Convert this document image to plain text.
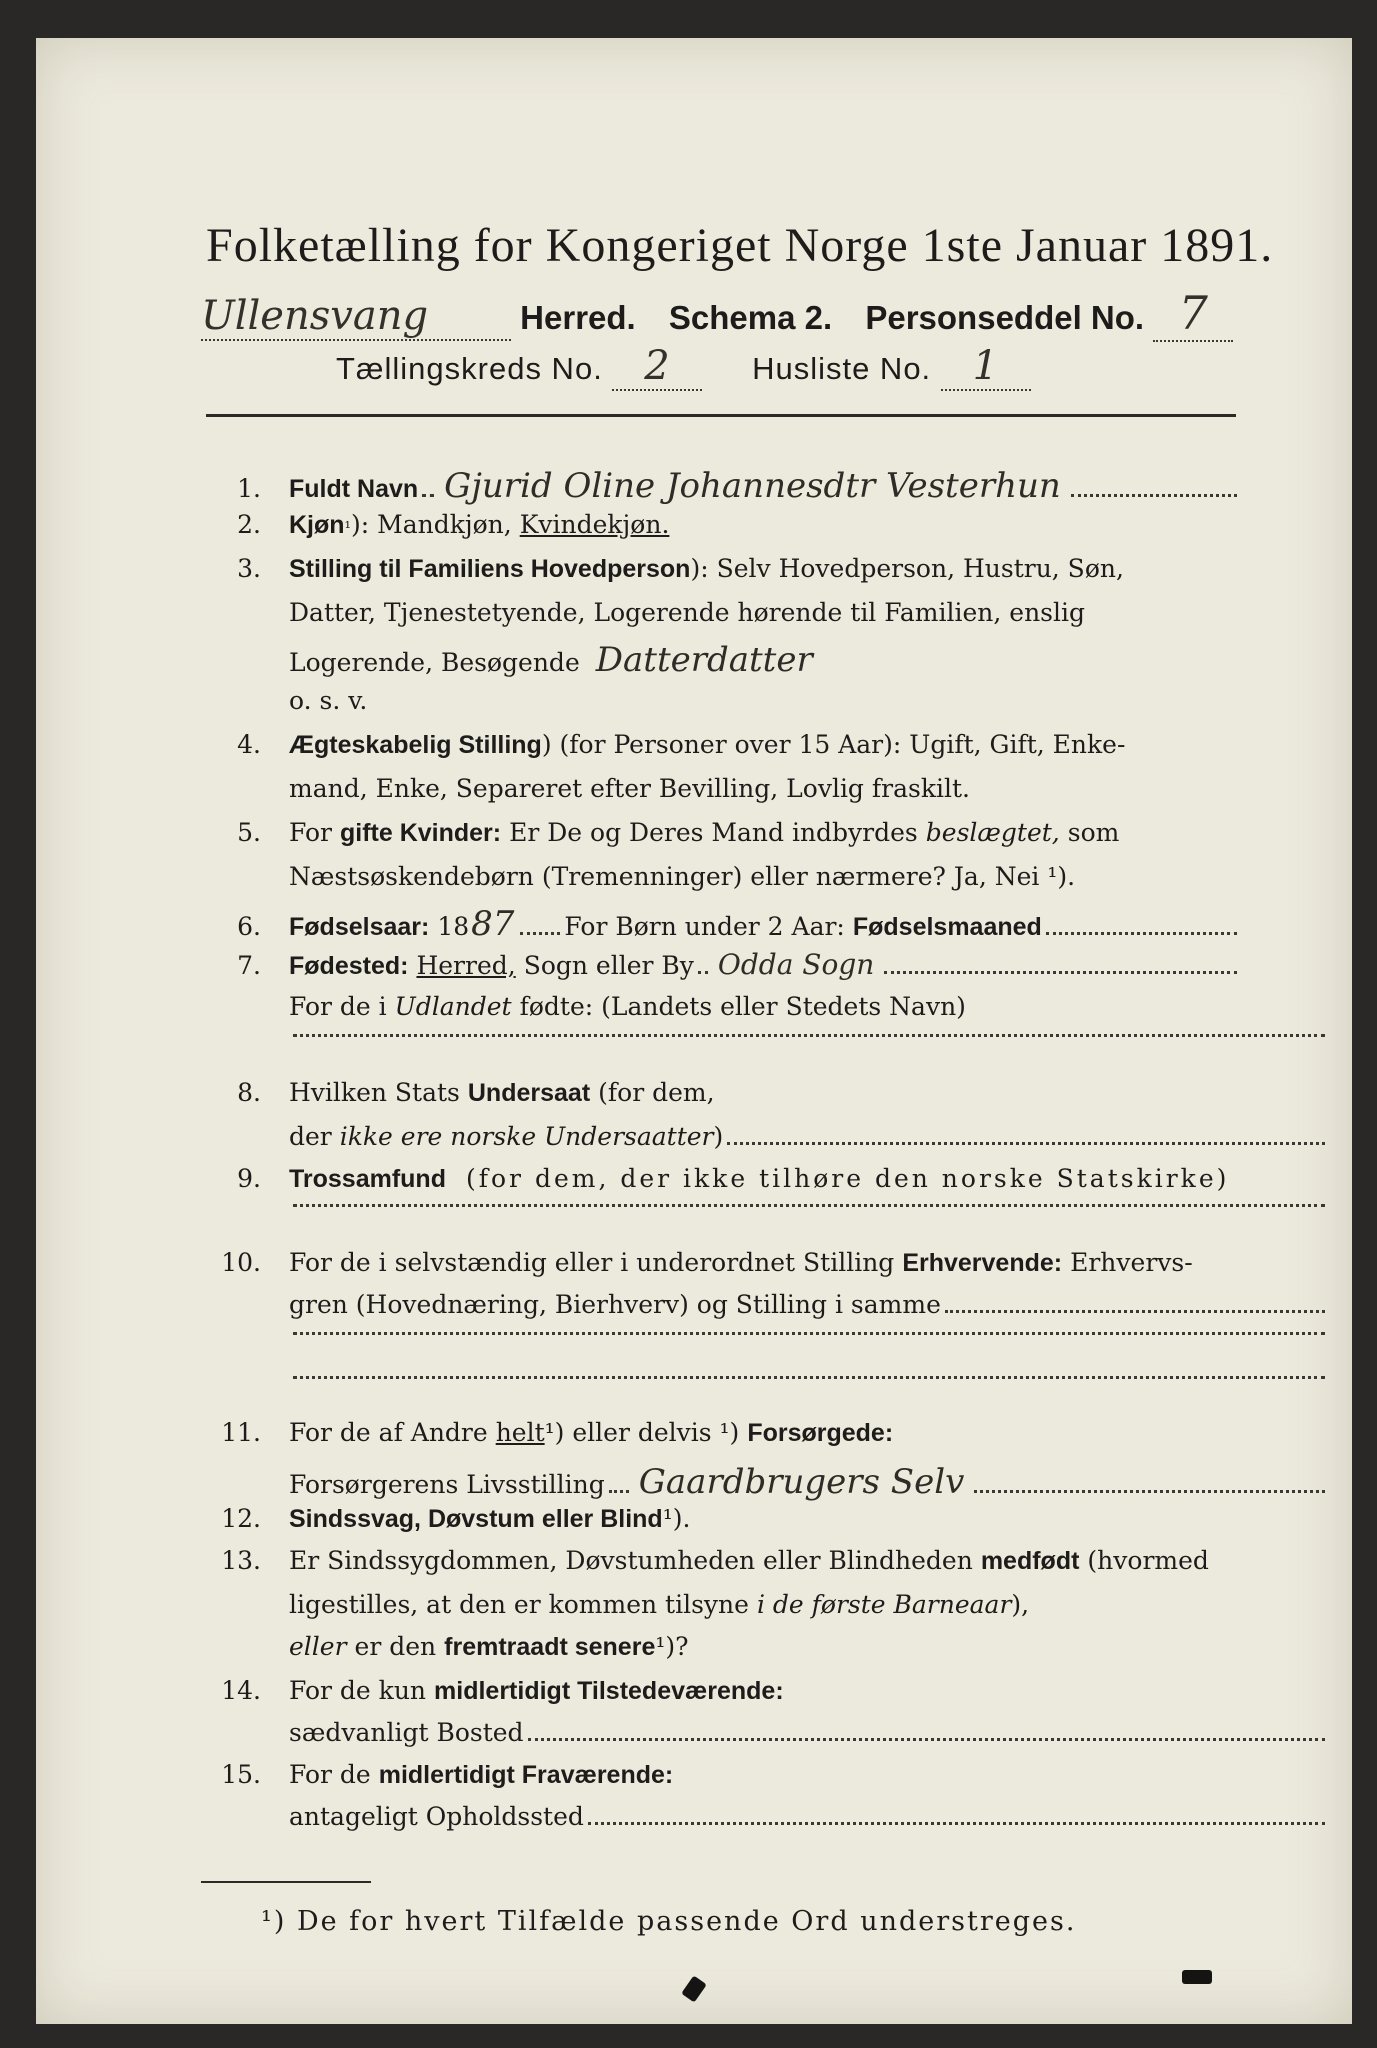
Folketælling for Kongeriget Norge 1ste Januar 1891.
Ullensvang	Herred. Schema 2. Personseddel No. 7
Tællingskreds No. 2	Husliste No. 1
1.	Fuldt Navn Gjurid Oline Johannesdtr Vesterhun
2.	Kjøn ¹ ): Mandkjøn, Kvindekjøn.
3.	Stilling til Familiens Hovedperson ): Selv Hovedperson, Hustru, Søn,
Datter, Tjenestetyende, Logerende hørende til Familien, enslig
Logerende, Besøgende Datterdatter
o. s. v.
4.	Ægteskabelig Stilling ) (for Personer over 15 Aar): Ugift, Gift, Enke-
mand, Enke, Separeret efter Bevilling, Lovlig fraskilt.
5.	For gifte Kvinder: Er De og Deres Mand indbyrdes beslægtet, som
Næstsøskendebørn (Tremenninger) eller nærmere? Ja, Nei ¹).
6.	Fødselsaar: 18 87 For Børn under 2 Aar: Fødselsmaaned
7.	Fødested: Herred, Sogn eller By Odda Sogn
For de i Udlandet fødte: (Landets eller Stedets Navn)
8.	Hvilken Stats Undersaat (for dem,
der ikke ere norske Undersaatter )
9.	Trossamfund (for dem, der ikke tilhøre den norske Statskirke)
10.	For de i selvstændig eller i underordnet Stilling Erhvervende: Erhvervs-
gren (Hovednæring, Bierhverv) og Stilling i samme
11.	For de af Andre helt ¹) eller delvis ¹) Forsørgede:
Forsørgerens Livsstilling Gaardbrugers Selv
12.	Sindssvag, Døvstum eller Blind ¹).
13.	Er Sindssygdommen, Døvstumheden eller Blindheden medfødt (hvormed
ligestilles, at den er kommen tilsyne i de første Barneaar ),
eller er den fremtraadt senere ¹)?
14.	For de kun midlertidigt Tilstedeværende:
sædvanligt Bosted
15.	For de midlertidigt Fraværende:
antageligt Opholdssted
¹) De for hvert Tilfælde passende Ord understreges.
